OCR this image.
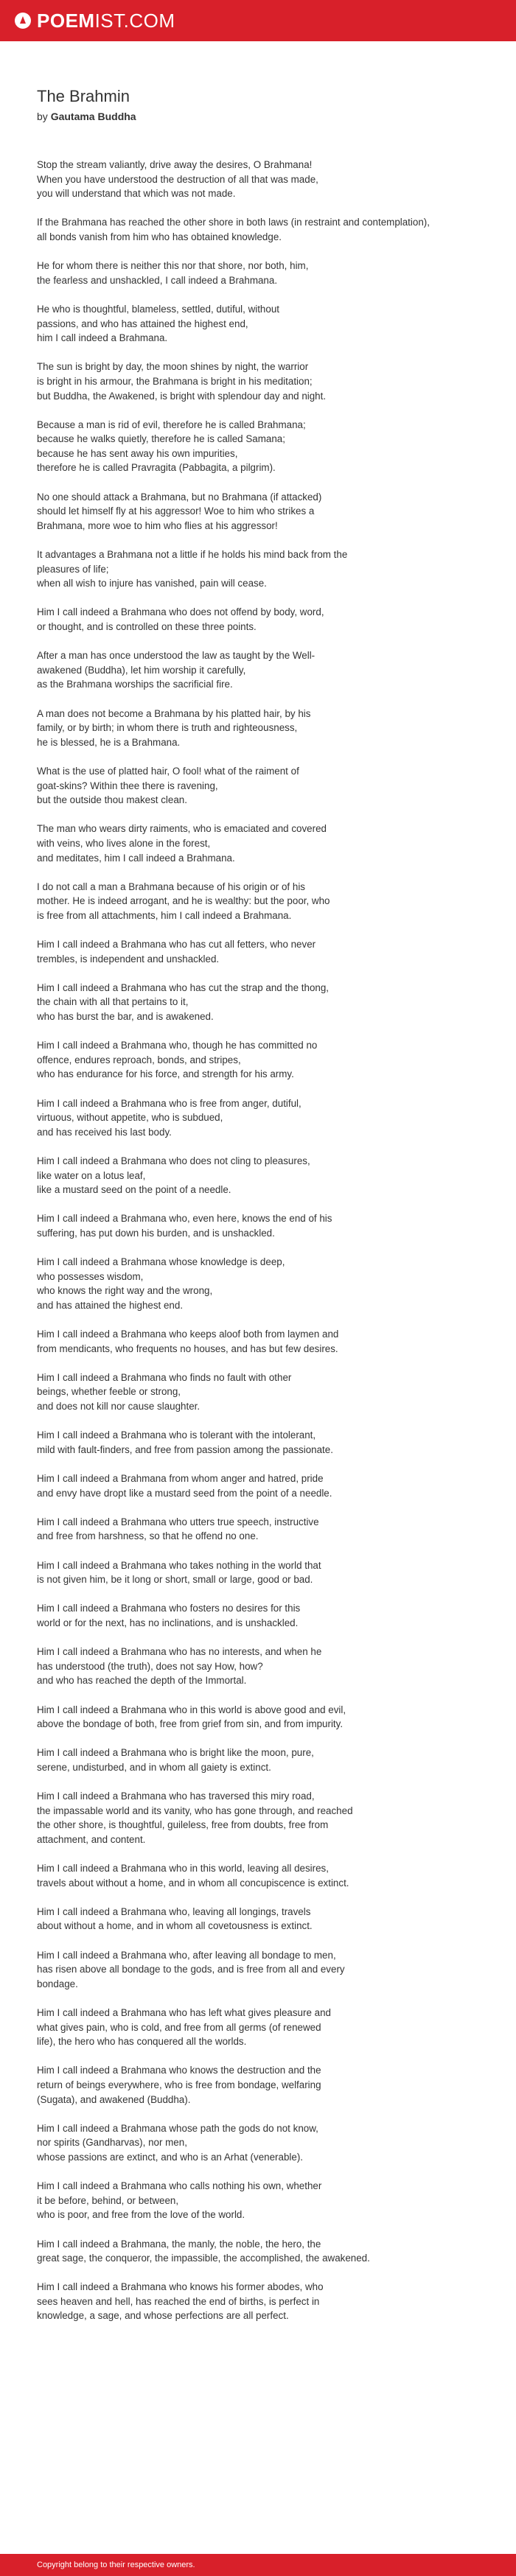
POEMIST.COM
The Brahmin
by Gautama Buddha

Stop the stream valiantly, drive away the desires, O Brahmana!
When you have understood the destruction of all that was made,
you will understand that which was not made.

If the Brahmana has reached the other shore in both laws (in restraint and contemplation),
all bonds vanish from him who has obtained knowledge.

He for whom there is neither this nor that shore, nor both, him,
the fearless and unshackled, I call indeed a Brahmana.

He who is thoughtful, blameless, settled, dutiful, without
passions, and who has attained the highest end,
him I call indeed a Brahmana.

The sun is bright by day, the moon shines by night, the warrior
is bright in his armour, the Brahmana is bright in his meditation;
but Buddha, the Awakened, is bright with splendour day and night.

Because a man is rid of evil, therefore he is called Brahmana;
because he walks quietly, therefore he is called Samana;
because he has sent away his own impurities,
therefore he is called Pravragita (Pabbagita, a pilgrim).

No one should attack a Brahmana, but no Brahmana (if attacked)
should let himself fly at his aggressor! Woe to him who strikes a
Brahmana, more woe to him who flies at his aggressor!

It advantages a Brahmana not a little if he holds his mind back from the
pleasures of life;
when all wish to injure has vanished, pain will cease.

Him I call indeed a Brahmana who does not offend by body, word,
or thought, and is controlled on these three points.

After a man has once understood the law as taught by the Well-
awakened (Buddha), let him worship it carefully,
as the Brahmana worships the sacrificial fire.

A man does not become a Brahmana by his platted hair, by his
family, or by birth; in whom there is truth and righteousness,
he is blessed, he is a Brahmana.

What is the use of platted hair, O fool! what of the raiment of
goat-skins? Within thee there is ravening,
but the outside thou makest clean.

The man who wears dirty raiments, who is emaciated and covered
with veins, who lives alone in the forest,
and meditates, him I call indeed a Brahmana.

I do not call a man a Brahmana because of his origin or of his
mother. He is indeed arrogant, and he is wealthy: but the poor, who
is free from all attachments, him I call indeed a Brahmana.

Him I call indeed a Brahmana who has cut all fetters, who never
trembles, is independent and unshackled.

Him I call indeed a Brahmana who has cut the strap and the thong,
the chain with all that pertains to it,
who has burst the bar, and is awakened.

Him I call indeed a Brahmana who, though he has committed no
offence, endures reproach, bonds, and stripes,
who has endurance for his force, and strength for his army.

Him I call indeed a Brahmana who is free from anger, dutiful,
virtuous, without appetite, who is subdued,
and has received his last body.

Him I call indeed a Brahmana who does not cling to pleasures,
like water on a lotus leaf,
like a mustard seed on the point of a needle.

Him I call indeed a Brahmana who, even here, knows the end of his
suffering, has put down his burden, and is unshackled.

Him I call indeed a Brahmana whose knowledge is deep,
who possesses wisdom,
who knows the right way and the wrong,
and has attained the highest end.

Him I call indeed a Brahmana who keeps aloof both from laymen and
from mendicants, who frequents no houses, and has but few desires.

Him I call indeed a Brahmana who finds no fault with other
beings, whether feeble or strong,
and does not kill nor cause slaughter.

Him I call indeed a Brahmana who is tolerant with the intolerant,
mild with fault-finders, and free from passion among the passionate.

Him I call indeed a Brahmana from whom anger and hatred, pride
and envy have dropt like a mustard seed from the point of a needle.

Him I call indeed a Brahmana who utters true speech, instructive
and free from harshness, so that he offend no one.

Him I call indeed a Brahmana who takes nothing in the world that
is not given him, be it long or short, small or large, good or bad.

Him I call indeed a Brahmana who fosters no desires for this
world or for the next, has no inclinations, and is unshackled.

Him I call indeed a Brahmana who has no interests, and when he
has understood (the truth), does not say How, how?
and who has reached the depth of the Immortal.

Him I call indeed a Brahmana who in this world is above good and evil,
above the bondage of both, free from grief from sin, and from impurity.

Him I call indeed a Brahmana who is bright like the moon, pure,
serene, undisturbed, and in whom all gaiety is extinct.

Him I call indeed a Brahmana who has traversed this miry road,
the impassable world and its vanity, who has gone through, and reached
the other shore, is thoughtful, guileless, free from doubts, free from
attachment, and content.

Him I call indeed a Brahmana who in this world, leaving all desires,
travels about without a home, and in whom all concupiscence is extinct.

Him I call indeed a Brahmana who, leaving all longings, travels
about without a home, and in whom all covetousness is extinct.

Him I call indeed a Brahmana who, after leaving all bondage to men,
has risen above all bondage to the gods, and is free from all and every
bondage.

Him I call indeed a Brahmana who has left what gives pleasure and
what gives pain, who is cold, and free from all germs (of renewed
life), the hero who has conquered all the worlds.

Him I call indeed a Brahmana who knows the destruction and the
return of beings everywhere, who is free from bondage, welfaring
(Sugata), and awakened (Buddha).

Him I call indeed a Brahmana whose path the gods do not know,
nor spirits (Gandharvas), nor men,
whose passions are extinct, and who is an Arhat (venerable).

Him I call indeed a Brahmana who calls nothing his own, whether
it be before, behind, or between,
who is poor, and free from the love of the world.

Him I call indeed a Brahmana, the manly, the noble, the hero, the
great sage, the conqueror, the impassible, the accomplished, the awakened.

Him I call indeed a Brahmana who knows his former abodes, who
sees heaven and hell, has reached the end of births, is perfect in
knowledge, a sage, and whose perfections are all perfect.

Copyright belong to their respective owners.
